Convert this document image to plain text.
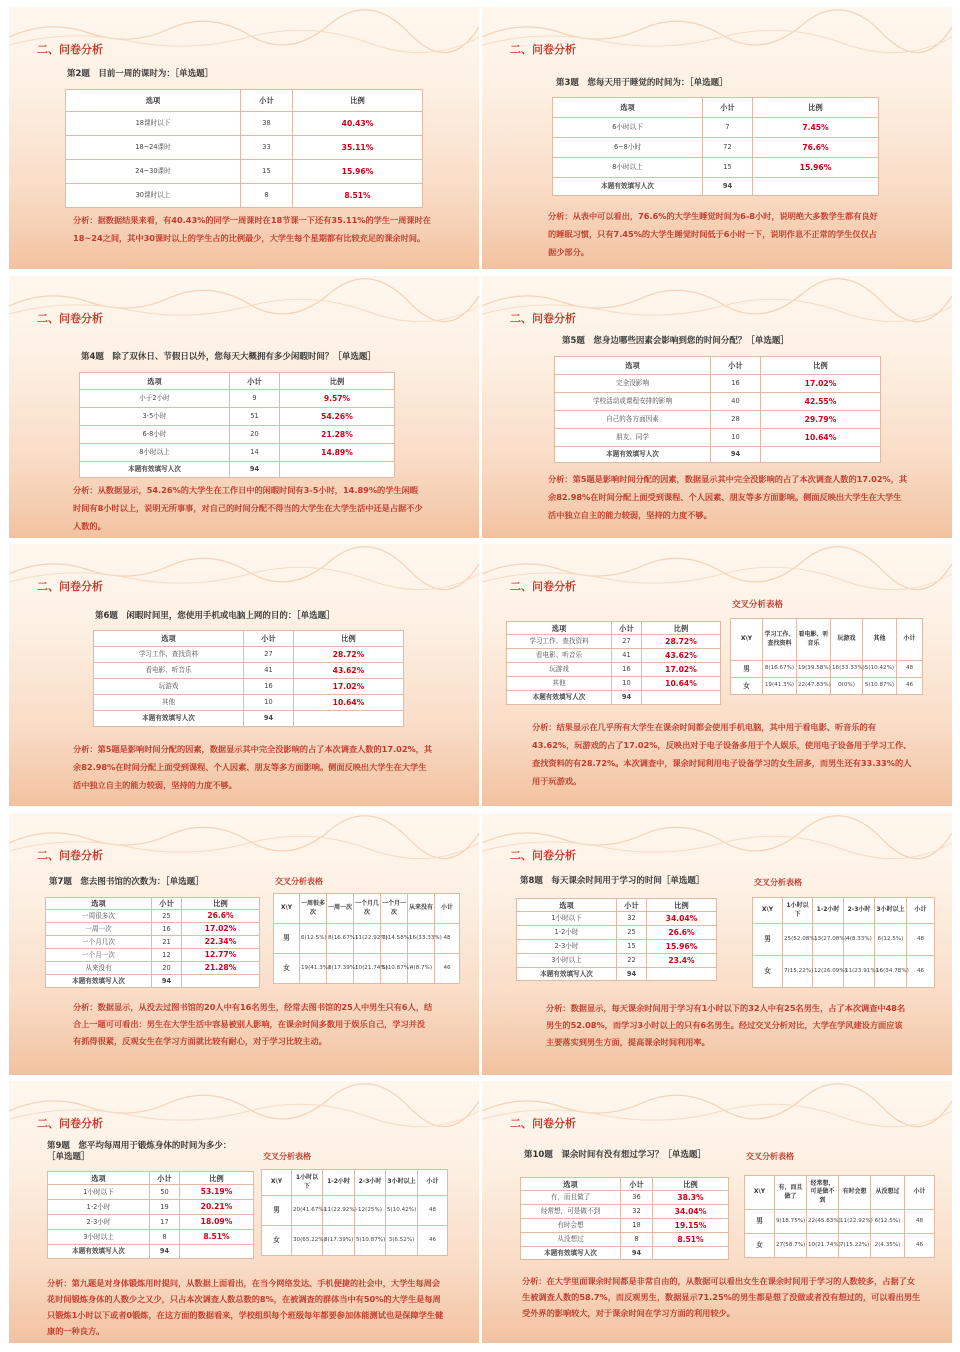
二、问卷分析
第2题　目前一周的课时为：［单选题］
选项	小计	比例
18课时以下	38	40.43%
18~24课时	33	35.11%
24~30课时	15	15.96%
30课时以上	8	8.51%
分析：据数据结果来看，有40.43%的同学一周课时在18节课一下还有35.11%的学生一周课时在18~24之间，其中30课时以上的学生占的比例最少，大学生每个星期都有比较充足的课余时间。
二、问卷分析
第3题　您每天用于睡觉的时间为：［单选题］
选项	小计	比例
6小时以下	7	7.45%
6~8小时	72	76.6%
8小时以上	15	15.96%
本题有效填写人次	94	
分析：从表中可以看出，76.6%的大学生睡觉时间为6-8小时，说明绝大多数学生都有良好的睡眠习惯，只有7.45%的大学生睡觉时间低于6小时一下，说明作息不正常的学生仅仅占据少部分。
二、问卷分析
第4题　除了双休日、节假日以外，您每天大概拥有多少闲暇时间？［单选题］
选项	小计	比例
小于2小时	9	9.57%
3-5小时	51	54.26%
6-8小时	20	21.28%
8小时以上	14	14.89%
本题有效填写人次	94	
分析：从数据显示，54.26%的大学生在工作日中的闲暇时间有3-5小时，14.89%的学生闲暇时间有8小时以上，说明无所事事，对自己的时间分配不得当的大学生在大学生活中还是占据不少人数的。
二、问卷分析
第5题　您身边哪些因素会影响到您的时间分配？［单选题］
选项	小计	比例
完全没影响	16	17.02%
学校活动或课程安排的影响	40	42.55%
自己的各方面因素	28	29.79%
朋友、同学	10	10.64%
本题有效填写人次	94	
分析：第5题是影响时间分配的因素，数据显示其中完全没影响的占了本次调查人数的17.02%，其余82.98%在时间分配上面受到课程、个人因素、朋友等多方面影响。侧面反映出大学生在大学生活中独立自主的能力较弱，坚持的力度不够。
二、问卷分析
第6题　闲暇时间里，您使用手机或电脑上网的目的：［单选题］
选项	小计	比例
学习工作、查找资料	27	28.72%
看电影、听音乐	41	43.62%
玩游戏	16	17.02%
其他	10	10.64%
本题有效填写人次	94	
分析：第5题是影响时间分配的因素，数据显示其中完全没影响的占了本次调查人数的17.02%，其余82.98%在时间分配上面受到课程、个人因素、朋友等多方面影响。侧面反映出大学生在大学生活中独立自主的能力较弱，坚持的力度不够。
二、问卷分析
选项	小计	比例
学习工作、查找资料	27	28.72%
看电影、听音乐	41	43.62%
玩游戏	16	17.02%
其他	10	10.64%
本题有效填写人次	94	
交叉分析表格
X\Y	学习工作、查找资料	看电影、听音乐	玩游戏	其他	小计
男	8(16.67%)	19(39.58%)	16(33.33%)	5(10.42%)	48
女	19(41.3%)	22(47.83%)	0(0%)	5(10.87%)	46
分析：结果显示在几乎所有大学生在课余时间都会使用手机电脑，其中用于看电影、听音乐的有43.62%，玩游戏的占了17.02%，反映出对于电子设备多用于个人娱乐，使用电子设备用于学习工作、查找资料的有28.72%。本次调查中，课余时间利用电子设备学习的女生居多，而男生还有33.33%的人用于玩游戏。
二、问卷分析
第7题　您去图书馆的次数为：［单选题］
选项	小计	比例
一周很多次	25	26.6%
一周一次	16	17.02%
一个月几次	21	22.34%
一个月一次	12	12.77%
从来没有	20	21.28%
本题有效填写人次	94	
交叉分析表格
X\Y	一周很多次	一周一次	一个月几次	一个月一次	从来没有	小计
男	6(12.5%)	8(16.67%)	11(22.92%)	7(14.58%)	16(33.33%)	48
女	19(41.3%)	8(17.39%)	10(21.74%)	5(10.87%)	4(8.7%)	46
分析：数据显示，从没去过图书馆的20人中有16名男生，经常去图书馆的25人中男生只有6人，结合上一题可可看出：男生在大学生活中容易被别人影响，在课余时间多数用于娱乐自己，学习并没有抓得很紧，反观女生在学习方面就比较有耐心，对于学习比较主动。
二、问卷分析
第8题　每天课余时间用于学习的时间［单选题］
选项	小计	比例
1小时以下	32	34.04%
1-2小时	25	26.6%
2-3小时	15	15.96%
3小时以上	22	23.4%
本题有效填写人次	94	
交叉分析表格
X\Y	1小时以下	1-2小时	2-3小时	3小时以上	小计
男	25(52.08%)	13(27.08%)	4(8.33%)	6(12.5%)	48
女	7(15.22%)	12(26.09%)	11(23.91%)	16(34.78%)	46
分析：数据显示，每天课余时间用于学习有1小时以下的32人中有25名男生，占了本次调查中48名男生的52.08%，而学习3小时以上的只有6名男生。经过交叉分析对比，大学在学风建设方面应该主要落实到男生方面，提高课余时间利用率。
二、问卷分析
第9题　您平均每周用于锻炼身体的时间为多少：［单选题］
选项	小计	比例
1小时以下	50	53.19%
1-2小时	19	20.21%
2-3小时	17	18.09%
3小时以上	8	8.51%
本题有效填写人次	94	
交叉分析表格
X\Y	1小时以下	1-2小时	2-3小时	3小时以上	小计
男	20(41.67%)	11(22.92%)	12(25%)	5(10.42%)	48
女	30(65.22%)	8(17.39%)	5(10.87%)	3(6.52%)	46
分析：第九题是对身体锻炼用时提问，从数据上面看出，在当今网络发达、手机便捷的社会中，大学生每周会花时间锻炼身体的人数少之又少，只占本次调查人数总数的8%，在被调查的群体当中有50%的大学生是每周只锻炼1小时以下或者0锻炼，在这方面的数据看来，学校组织每个班级每年都要参加体能测试也是保障学生健康的一种良方。
二、问卷分析
第10题　课余时间有没有想过学习？［单选题］
选项	小计	比例
有，而且做了	36	38.3%
经常想，可是做不到	32	34.04%
有时会想	18	19.15%
从没想过	8	8.51%
本题有效填写人次	94	
交叉分析表格
X\Y	有，而且做了	经常想，可是做不到	有时会想	从没想过	小计
男	9(18.75%)	22(45.83%)	11(22.92%)	6(12.5%)	48
女	27(58.7%)	10(21.74%)	7(15.22%)	2(4.35%)	46
分析：在大学里面课余时间都是非常自由的，从数据可以看出女生在课余时间用于学习的人数较多，占据了女生被调查人数的58.7%，而反观男生，数据显示71.25%的男生都是想了没做或者没有想过的，可以看出男生受外界的影响较大，对于课余时间在学习方面的利用较少。
